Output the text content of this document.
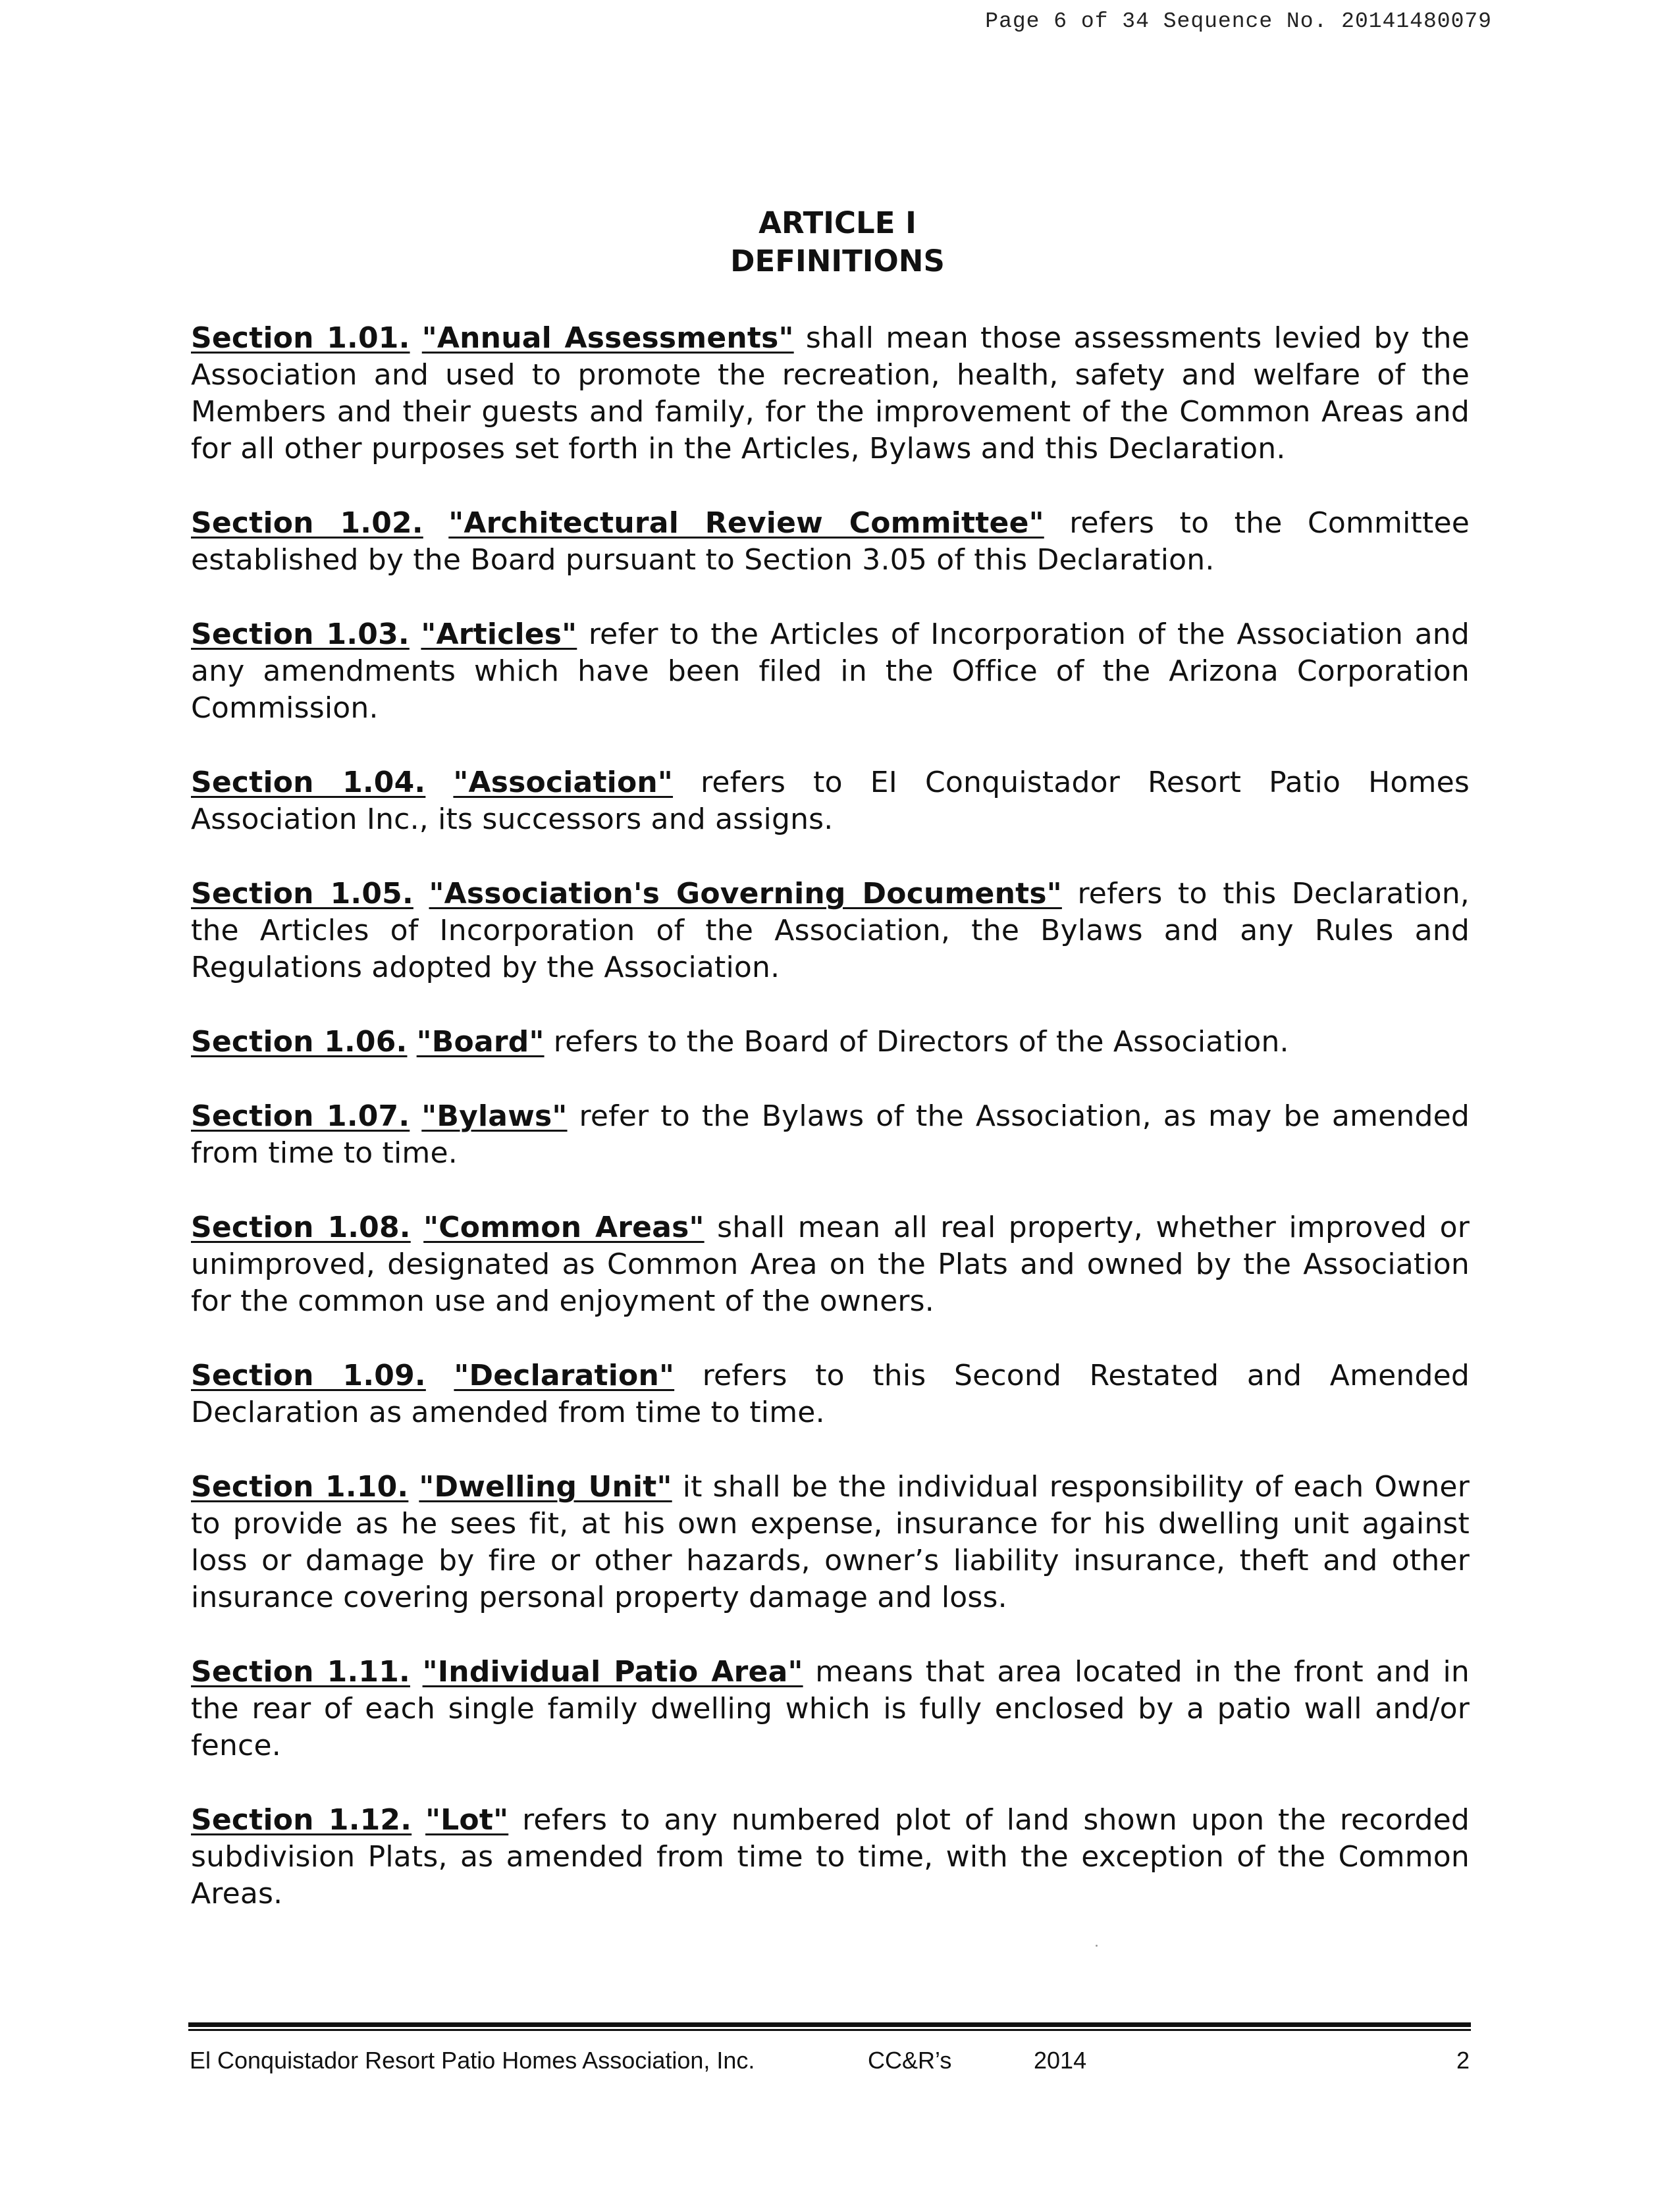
Page 6 of 34 Sequence No. 20141480079
ARTICLE I
DEFINITIONS

Section 1.01. "Annual Assessments" shall mean those assessments levied by the Association and used to promote the recreation, health, safety and welfare of the Members and their guests and family, for the improvement of the Common Areas and for all other purposes set forth in the Articles, Bylaws and this Declaration.

Section 1.02. "Architectural Review Committee" refers to the Committee established by the Board pursuant to Section 3.05 of this Declaration.

Section 1.03. "Articles" refer to the Articles of Incorporation of the Association and any amendments which have been filed in the Office of the Arizona Corporation Commission.

Section 1.04. "Association" refers to EI Conquistador Resort Patio Homes Association Inc., its successors and assigns.

Section 1.05. "Association's Governing Documents" refers to this Declaration, the Articles of Incorporation of the Association, the Bylaws and any Rules and Regulations adopted by the Association.

Section 1.06. "Board" refers to the Board of Directors of the Association.

Section 1.07. "Bylaws" refer to the Bylaws of the Association, as may be amended from time to time.

Section 1.08. "Common Areas" shall mean all real property, whether improved or unimproved, designated as Common Area on the Plats and owned by the Association for the common use and enjoyment of the owners.

Section 1.09. "Declaration" refers to this Second Restated and Amended Declaration as amended from time to time.

Section 1.10. "Dwelling Unit" it shall be the individual responsibility of each Owner to provide as he sees fit, at his own expense, insurance for his dwelling unit against loss or damage by fire or other hazards, owner’s liability insurance, theft and other insurance covering personal property damage and loss.

Section 1.11. "Individual Patio Area" means that area located in the front and in the rear of each single family dwelling which is fully enclosed by a patio wall and/or fence.

Section 1.12. "Lot" refers to any numbered plot of land shown upon the recorded subdivision Plats, as amended from time to time, with the exception of the Common Areas.

El Conquistador Resort Patio Homes Association, Inc.	CC&R’s	2014	2
